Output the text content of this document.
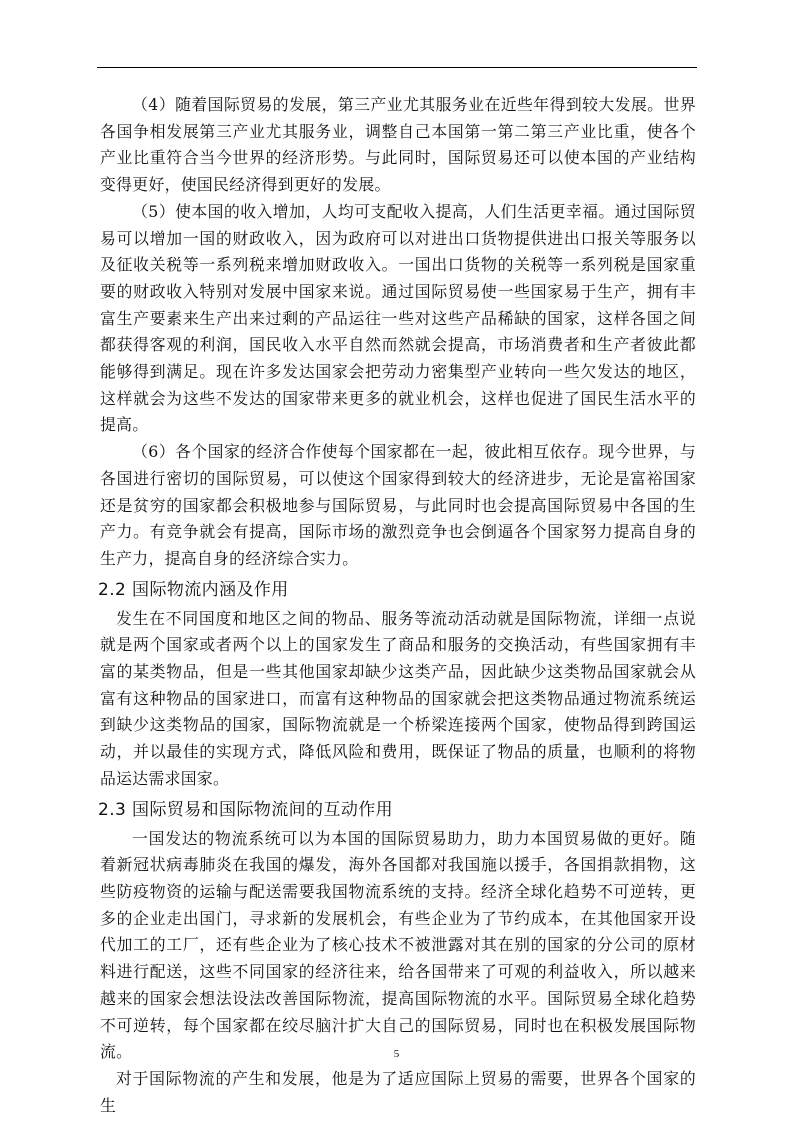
（4）随着国际贸易的发展，第三产业尤其服务业在近些年得到较大发展。世界各国争相发展第三产业尤其服务业，调整自己本国第一第二第三产业比重，使各个产业比重符合当今世界的经济形势。与此同时，国际贸易还可以使本国的产业结构变得更好，使国民经济得到更好的发展。

（5）使本国的收入增加，人均可支配收入提高，人们生活更幸福。通过国际贸易可以增加一国的财政收入，因为政府可以对进出口货物提供进出口报关等服务以及征收关税等一系列税来增加财政收入。一国出口货物的关税等一系列税是国家重要的财政收入特别对发展中国家来说。通过国际贸易使一些国家易于生产，拥有丰富生产要素来生产出来过剩的产品运往一些对这些产品稀缺的国家，这样各国之间都获得客观的利润，国民收入水平自然而然就会提高，市场消费者和生产者彼此都能够得到满足。现在许多发达国家会把劳动力密集型产业转向一些欠发达的地区，这样就会为这些不发达的国家带来更多的就业机会，这样也促进了国民生活水平的提高。

（6）各个国家的经济合作使每个国家都在一起，彼此相互依存。现今世界，与各国进行密切的国际贸易，可以使这个国家得到较大的经济进步，无论是富裕国家还是贫穷的国家都会积极地参与国际贸易，与此同时也会提高国际贸易中各国的生产力。有竞争就会有提高，国际市场的激烈竞争也会倒逼各个国家努力提高自身的生产力，提高自身的经济综合实力。

2.2 国际物流内涵及作用

发生在不同国度和地区之间的物品、服务等流动活动就是国际物流，详细一点说就是两个国家或者两个以上的国家发生了商品和服务的交换活动，有些国家拥有丰富的某类物品，但是一些其他国家却缺少这类产品，因此缺少这类物品国家就会从富有这种物品的国家进口，而富有这种物品的国家就会把这类物品通过物流系统运到缺少这类物品的国家，国际物流就是一个桥梁连接两个国家，使物品得到跨国运动，并以最佳的实现方式，降低风险和费用，既保证了物品的质量，也顺利的将物品运达需求国家。

2.3 国际贸易和国际物流间的互动作用

一国发达的物流系统可以为本国的国际贸易助力，助力本国贸易做的更好。随着新冠状病毒肺炎在我国的爆发，海外各国都对我国施以援手，各国捐款捐物，这些防疫物资的运输与配送需要我国物流系统的支持。经济全球化趋势不可逆转，更多的企业走出国门，寻求新的发展机会，有些企业为了节约成本，在其他国家开设代加工的工厂，还有些企业为了核心技术不被泄露对其在别的国家的分公司的原材料进行配送，这些不同国家的经济往来，给各国带来了可观的利益收入，所以越来越来的国家会想法设法改善国际物流，提高国际物流的水平。国际贸易全球化趋势不可逆转，每个国家都在绞尽脑汁扩大自己的国际贸易，同时也在积极发展国际物流。

对于国际物流的产生和发展，他是为了适应国际上贸易的需要，世界各个国家的生

5
